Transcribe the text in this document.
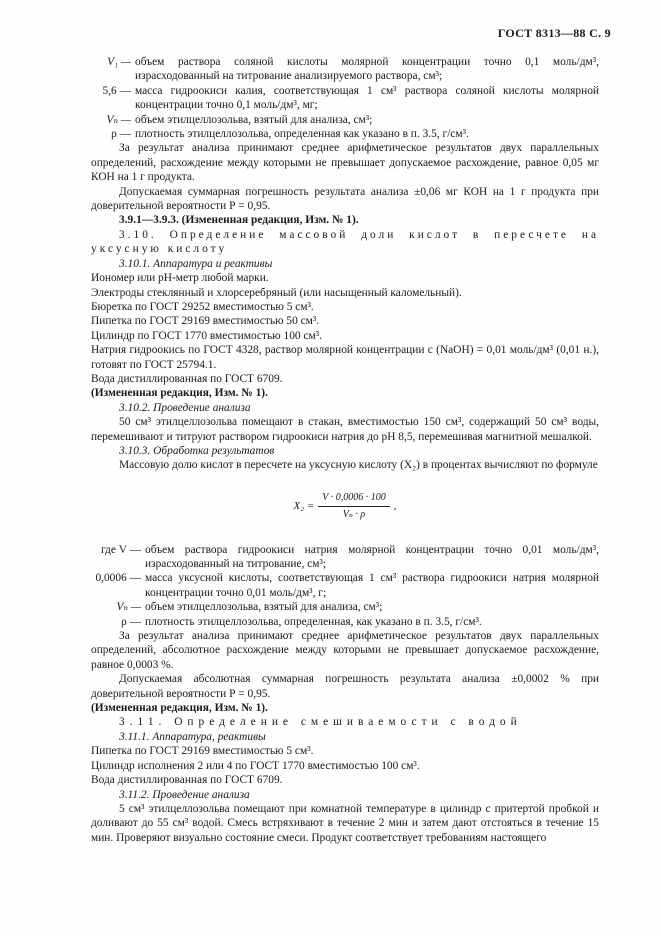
ГОСТ 8313—88 С. 9
V₁ — объем раствора соляной кислоты молярной концентрации точно 0,1 моль/дм³, израсходованный на титрование анализируемого раствора, см³;
5,6 — масса гидроокиси калия, соответствующая 1 см³ раствора соляной кислоты молярной концентрации точно 0,1 моль/дм³, мг;
Vₙ — объем этилцеллозольва, взятый для анализа, см³;
ρ — плотность этилцеллозольва, определенная как указано в п. 3.5, г/см³.

За результат анализа принимают среднее арифметическое результатов двух параллельных определений, расхождение между которыми не превышает допускаемое расхождение, равное 0,05 мг КОН на 1 г продукта.

Допускаемая суммарная погрешность результата анализа ±0,06 мг КОН на 1 г продукта при доверительной вероятности Р = 0,95.

3.9.1—3.9.3. (Измененная редакция, Изм. № 1).

3.10. Определение массовой доли кислот в пересчете на уксусную кислоту

3.10.1. Аппаратура и реактивы

Иономер или рН-метр любой марки.

Электроды стеклянный и хлорсеребряный (или насыщенный каломельный).

Бюретка по ГОСТ 29252 вместимостью 5 см³.

Пипетка по ГОСТ 29169 вместимостью 50 см³.

Цилиндр по ГОСТ 1770 вместимостью 100 см³.

Натрия гидроокись по ГОСТ 4328, раствор молярной концентрации с (NaOH) = 0,01 моль/дм³ (0,01 н.), готовят по ГОСТ 25794.1.

Вода дистиллированная по ГОСТ 6709.

(Измененная редакция, Изм. № 1).

3.10.2. Проведение анализа

50 см³ этилцеллозольва помещают в стакан, вместимостью 150 см³, содержащий 50 см³ воды, перемешивают и титруют раствором гидроокиси натрия до рН 8,5, перемешивая магнитной мешалкой.

3.10.3. Обработка результатов

Массовую долю кислот в пересчете на уксусную кислоту (Х₂) в процентах вычисляют по формуле

$X_2 = \frac{V \cdot 0,0006 \cdot 100}{\text{Vₙ · ρ}}$ ,
где V — объем раствора гидроокиси натрия молярной концентрации точно 0,01 моль/дм³, израсходованный на титрование, см³;
0,0006 — масса уксусной кислоты, соответствующая 1 см³ раствора гидроокиси натрия молярной концентрации точно 0,01 моль/дм³, г;
Vₙ — объем этилцеллозольва, взятый для анализа, см³;
ρ — плотность этилцеллозольва, определенная, как указано в п. 3.5, г/см³.

За результат анализа принимают среднее арифметическое результатов двух параллельных определений, абсолютное расхождение между которыми не превышает допускаемое расхождение, равное 0,0003 %.

Допускаемая абсолютная суммарная погрешность результата анализа ±0,0002 % при доверительной вероятности Р = 0,95.

(Измененная редакция, Изм. № 1).

3.11. Определение смешиваемости с водой

3.11.1. Аппаратура, реактивы

Пипетка по ГОСТ 29169 вместимостью 5 см³.

Цилиндр исполнения 2 или 4 по ГОСТ 1770 вместимостью 100 см³.

Вода дистиллированная по ГОСТ 6709.

3.11.2. Проведение анализа

5 см³ этилцеллозольва помещают при комнатной температуре в цилиндр с притертой пробкой и доливают до 55 см³ водой. Смесь встряхивают в течение 2 мин и затем дают отстояться в течение 15 мин. Проверяют визуально состояние смеси. Продукт соответствует требованиям настоящего
